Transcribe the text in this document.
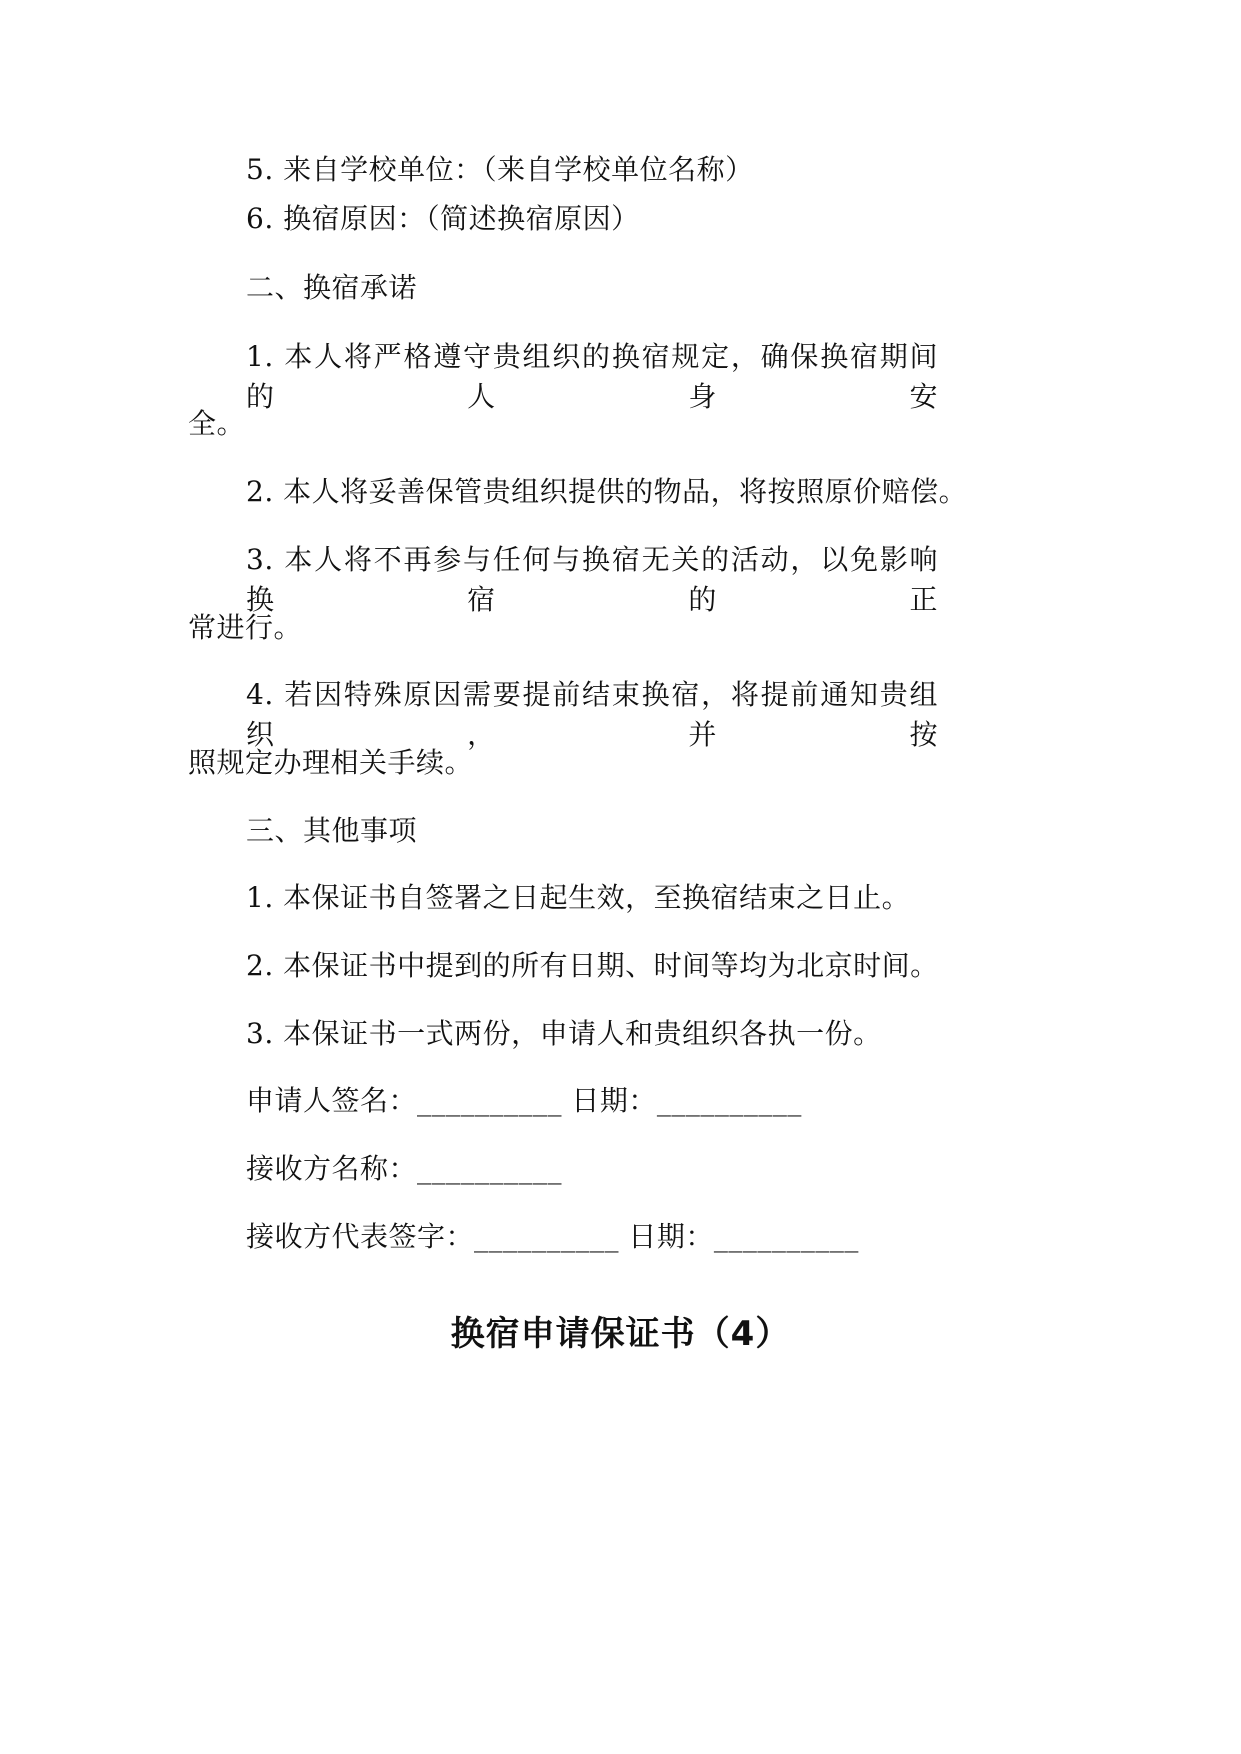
5. 来自学校单位：（来自学校单位名称）
6. 换宿原因：（简述换宿原因）
二、换宿承诺
1. 本人将严格遵守贵组织的换宿规定，确保换宿期间的人身安
全。
2. 本人将妥善保管贵组织提供的物品，将按照原价赔偿。
3. 本人将不再参与任何与换宿无关的活动，以免影响换宿的正
常进行。
4. 若因特殊原因需要提前结束换宿，将提前通知贵组织，并按
照规定办理相关手续。
三、其他事项
1. 本保证书自签署之日起生效，至换宿结束之日止。
2. 本保证书中提到的所有日期、时间等均为北京时间。
3. 本保证书一式两份，申请人和贵组织各执一份。
申请人签名：__________ 日期：__________
接收方名称：__________
接收方代表签字：__________ 日期：__________
换宿申请保证书（4）
